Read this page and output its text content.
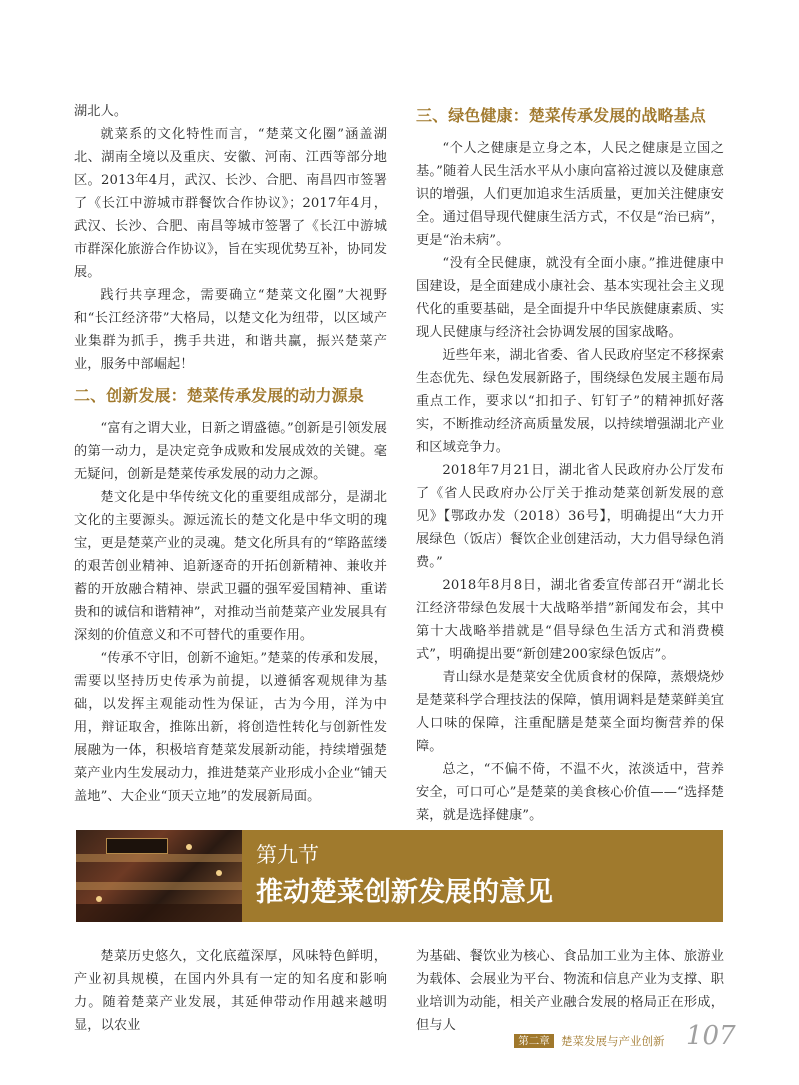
湖北人。

就菜系的文化特性而言，“楚菜文化圈”涵盖湖北、湖南全境以及重庆、安徽、河南、江西等部分地区。2013年4月，武汉、长沙、合肥、南昌四市签署了《长江中游城市群餐饮合作协议》；2017年4月，武汉、长沙、合肥、南昌等城市签署了《长江中游城市群深化旅游合作协议》，旨在实现优势互补，协同发展。

践行共享理念，需要确立“楚菜文化圈”大视野和“长江经济带”大格局，以楚文化为纽带，以区域产业集群为抓手，携手共进，和谐共赢，振兴楚菜产业，服务中部崛起！

二、创新发展：楚菜传承发展的动力源泉

“富有之谓大业，日新之谓盛德。”创新是引领发展的第一动力，是决定竞争成败和发展成效的关键。毫无疑问，创新是楚菜传承发展的动力之源。

楚文化是中华传统文化的重要组成部分，是湖北文化的主要源头。源远流长的楚文化是中华文明的瑰宝，更是楚菜产业的灵魂。楚文化所具有的“筚路蓝缕的艰苦创业精神、追新逐奇的开拓创新精神、兼收并蓄的开放融合精神、崇武卫疆的强军爱国精神、重诺贵和的诚信和谐精神”，对推动当前楚菜产业发展具有深刻的价值意义和不可替代的重要作用。

“传承不守旧，创新不逾矩。”楚菜的传承和发展，需要以坚持历史传承为前提，以遵循客观规律为基础，以发挥主观能动性为保证，古为今用，洋为中用，辩证取舍，推陈出新，将创造性转化与创新性发展融为一体，积极培育楚菜发展新动能，持续增强楚菜产业内生发展动力，推进楚菜产业形成小企业“铺天盖地”、大企业“顶天立地”的发展新局面。

三、绿色健康：楚菜传承发展的战略基点

“个人之健康是立身之本，人民之健康是立国之基。”随着人民生活水平从小康向富裕过渡以及健康意识的增强，人们更加追求生活质量，更加关注健康安全。通过倡导现代健康生活方式，不仅是“治已病”，更是“治未病”。

“没有全民健康，就没有全面小康。”推进健康中国建设，是全面建成小康社会、基本实现社会主义现代化的重要基础，是全面提升中华民族健康素质、实现人民健康与经济社会协调发展的国家战略。

近些年来，湖北省委、省人民政府坚定不移探索生态优先、绿色发展新路子，围绕绿色发展主题布局重点工作，要求以“扣扣子、钉钉子”的精神抓好落实，不断推动经济高质量发展，以持续增强湖北产业和区域竞争力。

2018年7月21日，湖北省人民政府办公厅发布了《省人民政府办公厅关于推动楚菜创新发展的意见》【鄂政办发（2018）36号】，明确提出“大力开展绿色（饭店）餐饮企业创建活动，大力倡导绿色消费。”

2018年8月8日，湖北省委宣传部召开“湖北长江经济带绿色发展十大战略举措”新闻发布会，其中第十大战略举措就是“倡导绿色生活方式和消费模式”，明确提出要“新创建200家绿色饭店”。

青山绿水是楚菜安全优质食材的保障，蒸煨烧炒是楚菜科学合理技法的保障，慎用调料是楚菜鲜美宜人口味的保障，注重配膳是楚菜全面均衡营养的保障。

总之，“不偏不倚，不温不火，浓淡适中，营养安全，可口可心”是楚菜的美食核心价值——“选择楚菜，就是选择健康”。

第九节
推动楚菜创新发展的意见

楚菜历史悠久，文化底蕴深厚，风味特色鲜明，产业初具规模，在国内外具有一定的知名度和影响力。随着楚菜产业发展，其延伸带动作用越来越明显，以农业

为基础、餐饮业为核心、食品加工业为主体、旅游业为载体、会展业为平台、物流和信息产业为支撑、职业培训为动能，相关产业融合发展的格局正在形成，但与人

第二章 楚菜发展与产业创新 107
